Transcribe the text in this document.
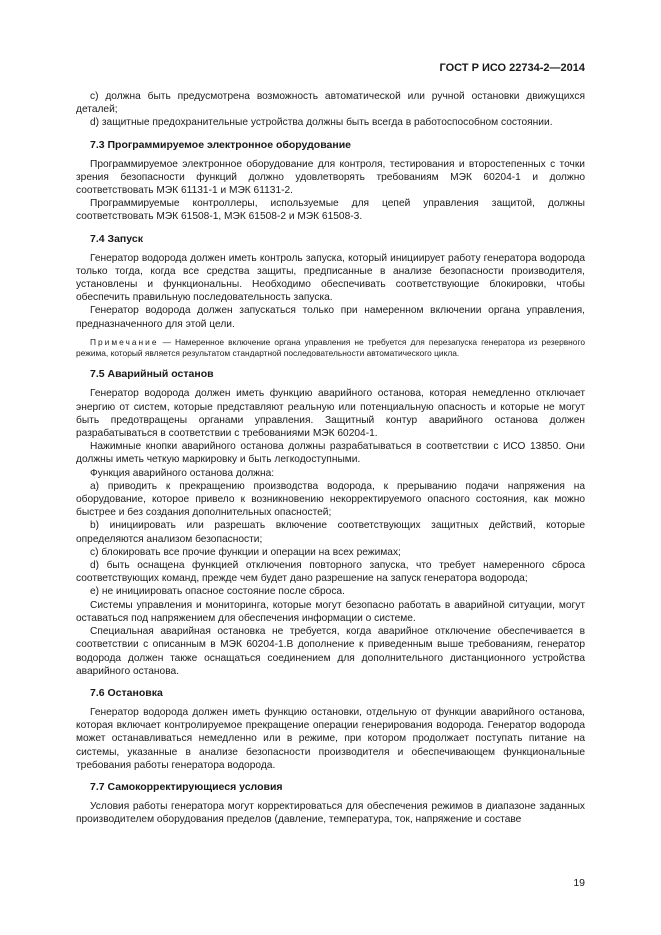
ГОСТ Р ИСО 22734-2—2014

c) должна быть предусмотрена возможность автоматической или ручной остановки движущихся деталей;

d) защитные предохранительные устройства должны быть всегда в работоспособном состоянии.

7.3 Программируемое электронное оборудование

Программируемое электронное оборудование для контроля, тестирования и второстепенных с точки зрения безопасности функций должно удовлетворять требованиям МЭК 60204-1 и должно соответствовать МЭК 61131-1 и МЭК 61131-2.

Программируемые контроллеры, используемые для цепей управления защитой, должны соответствовать МЭК 61508-1, МЭК 61508-2 и МЭК 61508-3.

7.4 Запуск

Генератор водорода должен иметь контроль запуска, который инициирует работу генератора водорода только тогда, когда все средства защиты, предписанные в анализе безопасности производителя, установлены и функциональны. Необходимо обеспечивать соответствующие блокировки, чтобы обеспечить правильную последовательность запуска.

Генератор водорода должен запускаться только при намеренном включении органа управления, предназначенного для этой цели.

Примечание — Намеренное включение органа управления не требуется для перезапуска генератора из резервного режима, который является результатом стандартной последовательности автоматического цикла.
7.5 Аварийный останов

Генератор водорода должен иметь функцию аварийного останова, которая немедленно отключает энергию от систем, которые представляют реальную или потенциальную опасность и которые не могут быть предотвращены органами управления. Защитный контур аварийного останова должен разрабатываться в соответствии с требованиями МЭК 60204-1.

Нажимные кнопки аварийного останова должны разрабатываться в соответствии с ИСО 13850. Они должны иметь четкую маркировку и быть легкодоступными.

Функция аварийного останова должна:

a) приводить к прекращению производства водорода, к прерыванию подачи напряжения на оборудование, которое привело к возникновению некорректируемого опасного состояния, как можно быстрее и без создания дополнительных опасностей;

b) инициировать или разрешать включение соответствующих защитных действий, которые определяются анализом безопасности;

c) блокировать все прочие функции и операции на всех режимах;

d) быть оснащена функцией отключения повторного запуска, что требует намеренного сброса соответствующих команд, прежде чем будет дано разрешение на запуск генератора водорода;

e) не инициировать опасное состояние после сброса.

Системы управления и мониторинга, которые могут безопасно работать в аварийной ситуации, могут оставаться под напряжением для обеспечения информации о системе.

Специальная аварийная остановка не требуется, когда аварийное отключение обеспечивается в соответствии с описанным в МЭК 60204-1.В дополнение к приведенным выше требованиям, генератор водорода должен также оснащаться соединением для дополнительного дистанционного устройства аварийного останова.

7.6 Остановка

Генератор водорода должен иметь функцию остановки, отдельную от функции аварийного останова, которая включает контролируемое прекращение операции генерирования водорода. Генератор водорода может останавливаться немедленно или в режиме, при котором продолжает поступать питание на системы, указанные в анализе безопасности производителя и обеспечивающем функциональные требования работы генератора водорода.

7.7 Самокорректирующиеся условия

Условия работы генератора могут корректироваться для обеспечения режимов в диапазоне заданных производителем оборудования пределов (давление, температура, ток, напряжение и составе

19
